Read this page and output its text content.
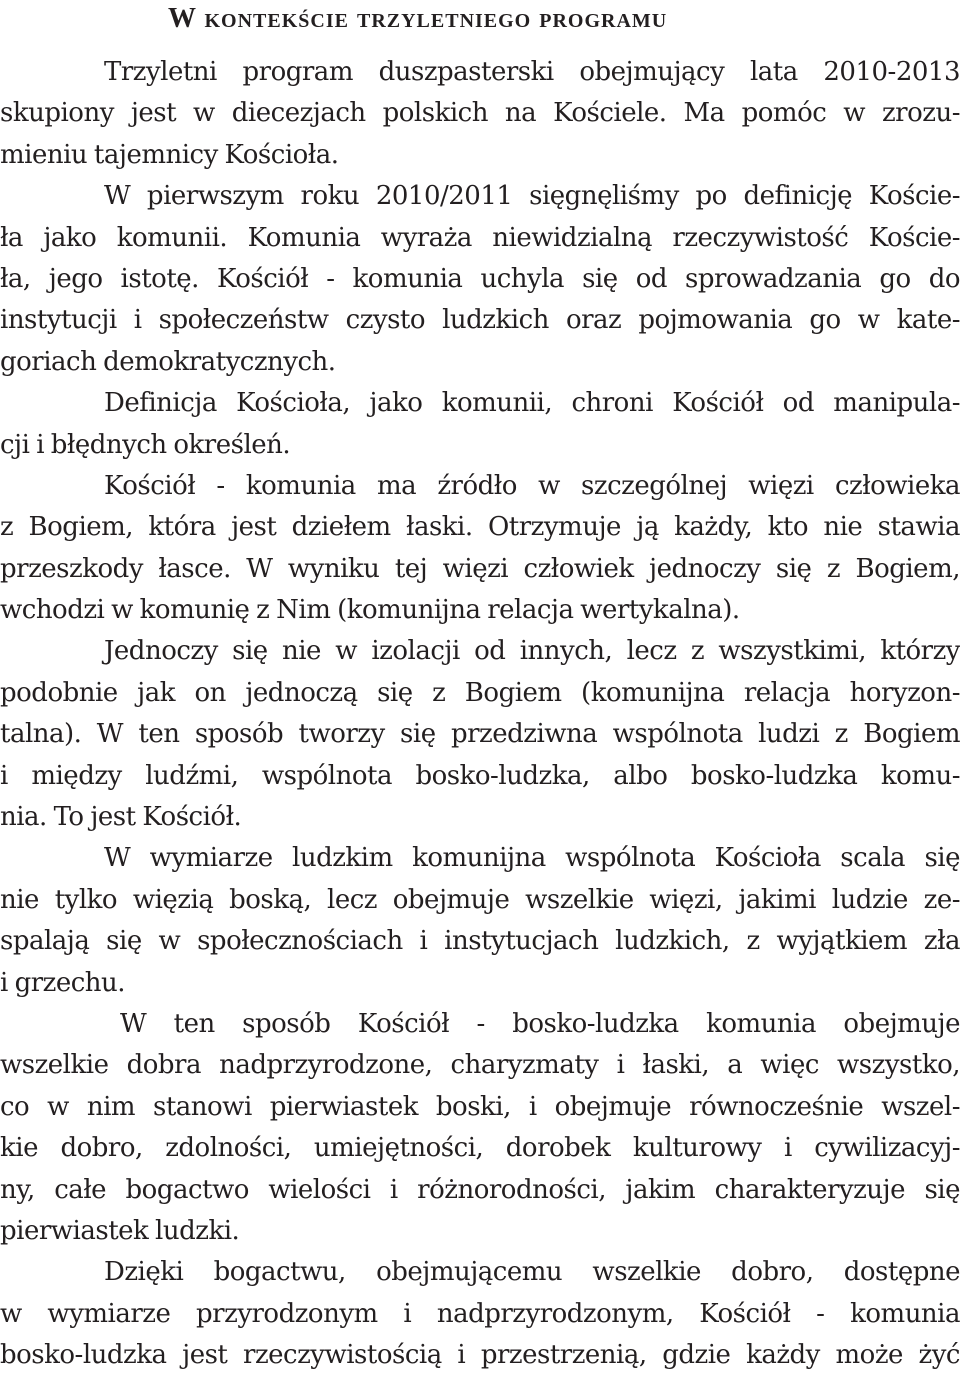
W kontekście trzyletniego programu
Trzyletni program duszpasterski obejmujący lata 2010-2013
skupiony jest w diecezjach polskich na Kościele. Ma pomóc w zrozu-
mieniu tajemnicy Kościoła.
W pierwszym roku 2010/2011 sięgnęliśmy po definicję Koście-
ła jako komunii. Komunia wyraża niewidzialną rzeczywistość Koście-
ła, jego istotę. Kościół - komunia uchyla się od sprowadzania go do
instytucji i społeczeństw czysto ludzkich oraz pojmowania go w kate-
goriach demokratycznych.
Definicja Kościoła, jako komunii, chroni Kościół od manipula-
cji i błędnych określeń.
Kościół - komunia ma źródło w szczególnej więzi człowieka
z Bogiem, która jest dziełem łaski. Otrzymuje ją każdy, kto nie stawia
przeszkody łasce. W wyniku tej więzi człowiek jednoczy się z Bogiem,
wchodzi w komunię z Nim (komunijna relacja wertykalna).
Jednoczy się nie w izolacji od innych, lecz z wszystkimi, którzy
podobnie jak on jednoczą się z Bogiem (komunijna relacja horyzon-
talna). W ten sposób tworzy się przedziwna wspólnota ludzi z Bogiem
i między ludźmi, wspólnota bosko-ludzka, albo bosko-ludzka komu-
nia. To jest Kościół.
W wymiarze ludzkim komunijna wspólnota Kościoła scala się
nie tylko więzią boską, lecz obejmuje wszelkie więzi, jakimi ludzie ze-
spalają się w społecznościach i instytucjach ludzkich, z wyjątkiem zła
i grzechu.
W ten sposób Kościół - bosko-ludzka komunia obejmuje
wszelkie dobra nadprzyrodzone, charyzmaty i łaski, a więc wszystko,
co w nim stanowi pierwiastek boski, i obejmuje równocześnie wszel-
kie dobro, zdolności, umiejętności, dorobek kulturowy i cywilizacyj-
ny, całe bogactwo wielości i różnorodności, jakim charakteryzuje się
pierwiastek ludzki.
Dzięki bogactwu, obejmującemu wszelkie dobro, dostępne
w wymiarze przyrodzonym i nadprzyrodzonym, Kościół - komunia
bosko-ludzka jest rzeczywistością i przestrzenią, gdzie każdy może żyć
